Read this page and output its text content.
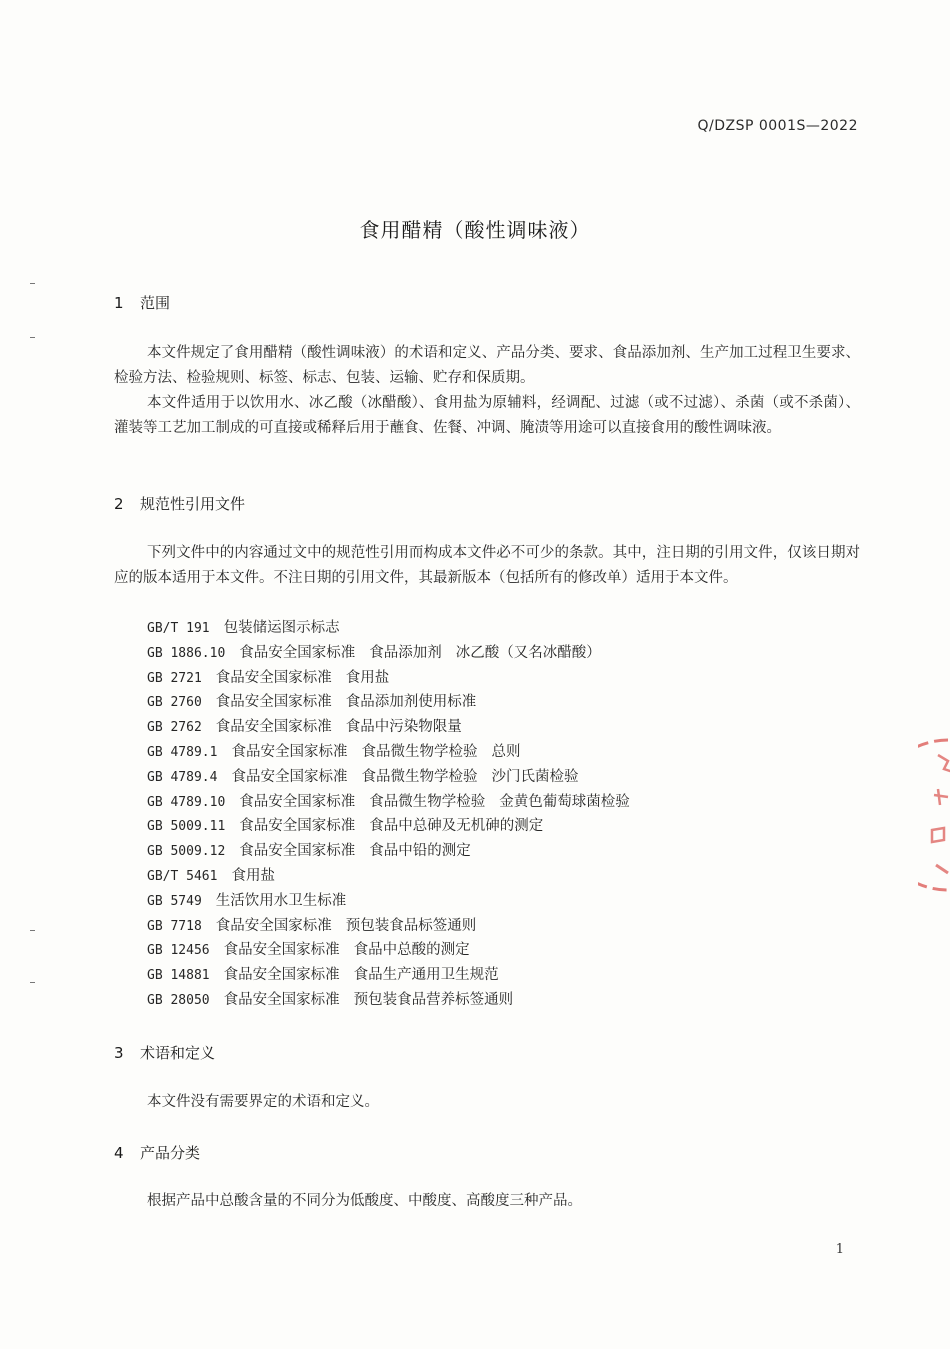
Q/DZSP 0001S—2022
食用醋精（酸性调味液）
1 范围

本文件规定了食用醋精（酸性调味液）的术语和定义、产品分类、要求、食品添加剂、生产加工过程卫生要求、检验方法、检验规则、标签、标志、包装、运输、贮存和保质期。

本文件适用于以饮用水、冰乙酸（冰醋酸）、食用盐为原辅料，经调配、过滤（或不过滤）、杀菌（或不杀菌）、灌装等工艺加工制成的可直接或稀释后用于蘸食、佐餐、冲调、腌渍等用途可以直接食用的酸性调味液。

2 规范性引用文件

下列文件中的内容通过文中的规范性引用而构成本文件必不可少的条款。其中，注日期的引用文件，仅该日期对应的版本适用于本文件。不注日期的引用文件，其最新版本（包括所有的修改单）适用于本文件。

GB/T 191 包装储运图示标志
GB 1886.10 食品安全国家标准 食品添加剂 冰乙酸（又名冰醋酸）
GB 2721 食品安全国家标准 食用盐
GB 2760 食品安全国家标准 食品添加剂使用标准
GB 2762 食品安全国家标准 食品中污染物限量
GB 4789.1 食品安全国家标准 食品微生物学检验 总则
GB 4789.4 食品安全国家标准 食品微生物学检验 沙门氏菌检验
GB 4789.10 食品安全国家标准 食品微生物学检验 金黄色葡萄球菌检验
GB 5009.11 食品安全国家标准 食品中总砷及无机砷的测定
GB 5009.12 食品安全国家标准 食品中铅的测定
GB/T 5461 食用盐
GB 5749 生活饮用水卫生标准
GB 7718 食品安全国家标准 预包装食品标签通则
GB 12456 食品安全国家标准 食品中总酸的测定
GB 14881 食品安全国家标准 食品生产通用卫生规范
GB 28050 食品安全国家标准 预包装食品营养标签通则
3 术语和定义

本文件没有需要界定的术语和定义。

4 产品分类

根据产品中总酸含量的不同分为低酸度、中酸度、高酸度三种产品。

1
